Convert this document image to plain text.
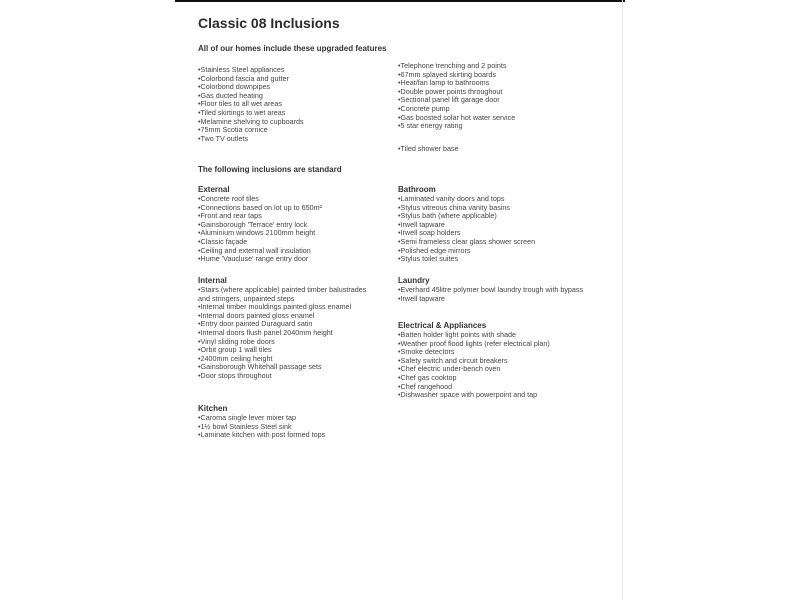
Classic 08 Inclusions

All of our homes include these upgraded features

• Stainless Steel appliances
• Colorbond fascia and gutter
• Colorbond downpipes
• Gas ducted heating
• Floor tiles to all wet areas
• Tiled skirtings to wet areas
• Melamine shelving to cupboards
• 75mm Scotia cornice
• Two TV outlets
• Telephone trenching and 2 points
• 67mm splayed skirting boards
• Heat/fan lamp to bathrooms
• Double power points throughout
• Sectional panel lift garage door
• Concrete pump
• Gas boosted solar hot water service
• 5 star energy rating
• Tiled shower base

The following inclusions are standard

External

• Concrete roof tiles
• Connections based on lot up to 650m²
• Front and rear taps
• Gainsborough 'Terrace' entry lock
• Aluminium windows 2100mm height
• Classic façade
• Ceiling and external wall insulation
• Hume 'Vaucluse' range entry door

Internal

• Stairs (where applicable) painted timber balustrades and stringers, unpainted steps
• Internal timber mouldings painted gloss enamel
• Internal doors painted gloss enamel
• Entry door painted Duraguard satin
• Internal doors flush panel 2040mm height
• Vinyl sliding robe doors
• Orbit group 1 wall tiles
• 2400mm ceiling height
• Gainsborough Whitehall passage sets
• Door stops throughout

Kitchen

• Caroma single lever mixer tap
• 1½ bowl Stainless Steel sink
• Laminate kitchen with post formed tops

Bathroom

• Laminated vanity doors and tops
• Stylus vitreous china vanity basins
• Stylus bath (where applicable)
• Irwell tapware
• Irwell soap holders
• Semi frameless clear glass shower screen
• Polished edge mirrors
• Stylus toilet suites

Laundry

• Everhard 45litre polymer bowl laundry trough with bypass
• Irwell tapware

Electrical & Appliances

• Batten holder light points with shade
• Weather proof flood lights (refer electrical plan)
• Smoke detectors
• Safety switch and circuit breakers
• Chef electric under-bench oven
• Chef gas cooktop
• Chef rangehood
• Dishwasher space with powerpoint and tap
